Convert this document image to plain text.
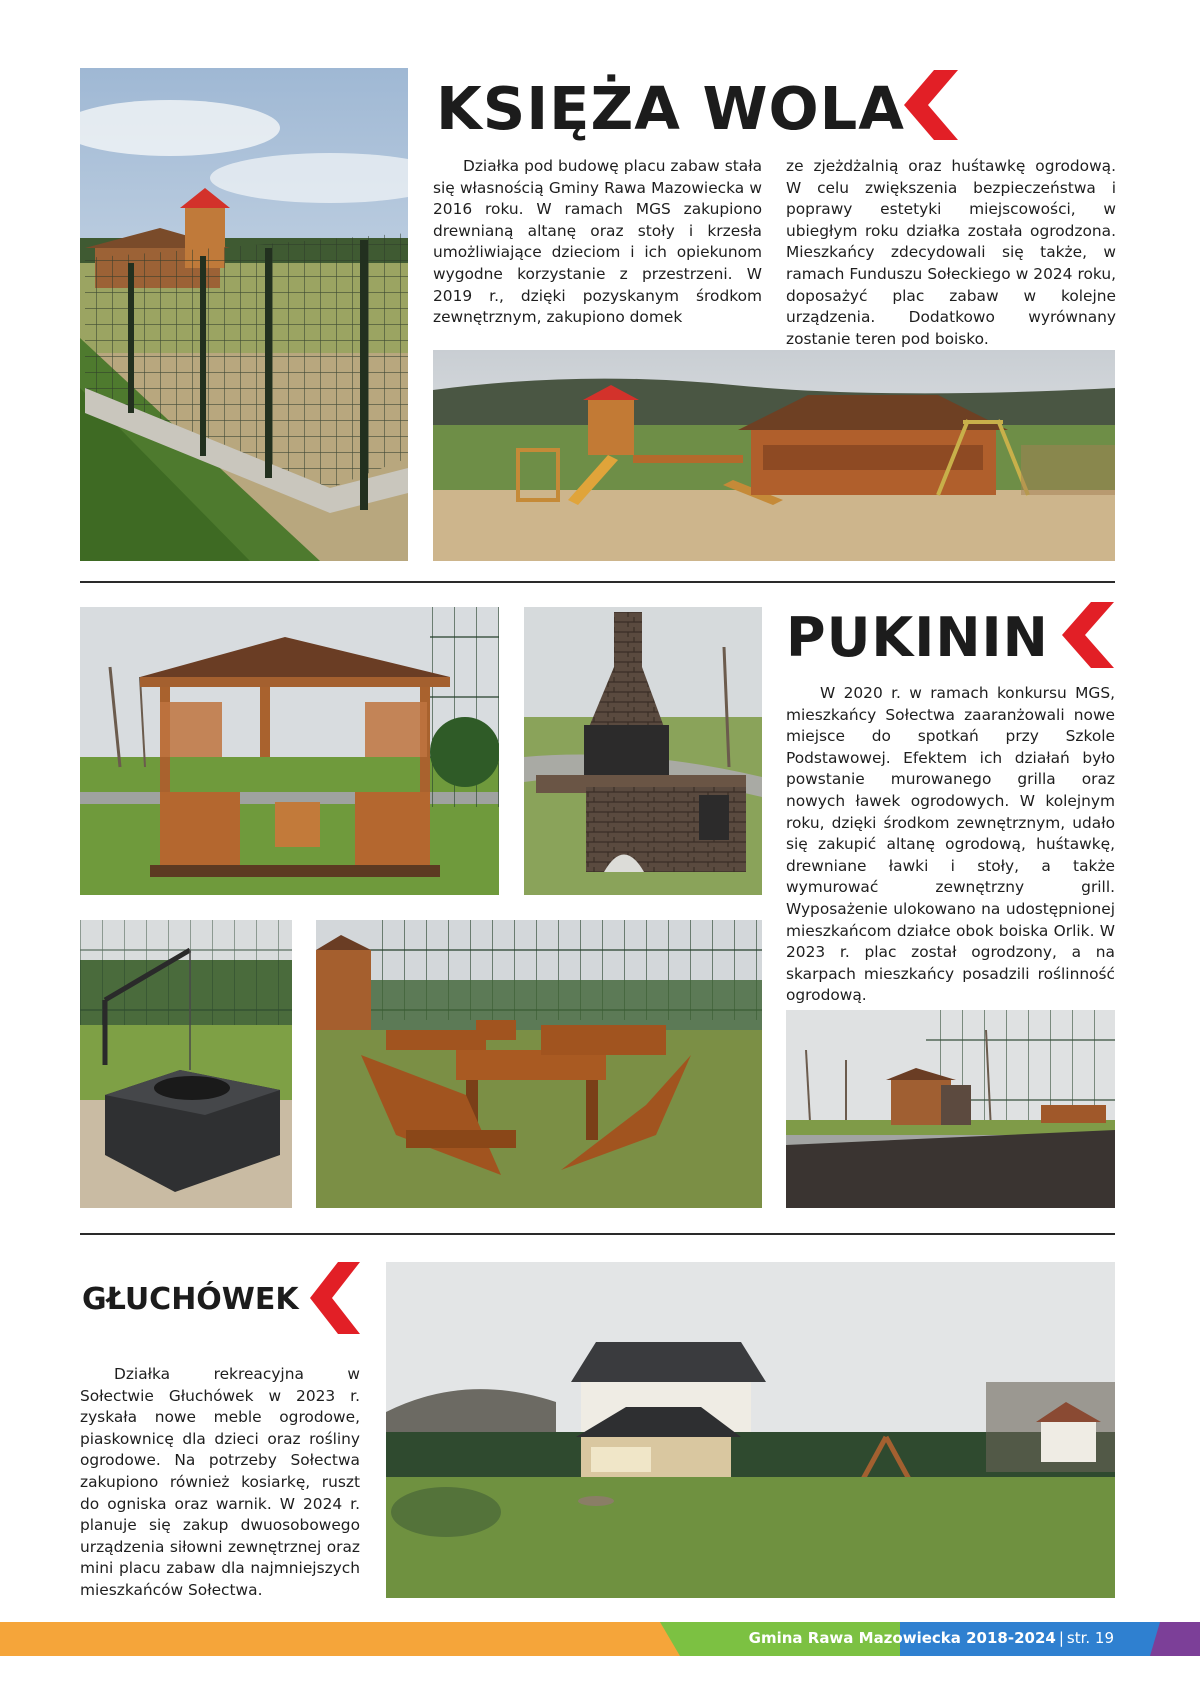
KSIĘŻA WOLA

Działka pod budowę placu zabaw stała się własnością Gminy Rawa Mazowiecka w 2016 roku. W ramach MGS zakupiono drewnianą altanę oraz stoły i krzesła umożliwiające dzieciom i ich opiekunom wygodne korzystanie z przestrzeni. W 2019 r., dzięki pozyskanym środkom zewnętrznym, zakupiono domek

ze zjeżdżalnią oraz huśtawkę ogrodową. W celu zwiększenia bezpieczeństwa i poprawy estetyki miejscowości, w ubiegłym roku działka została ogrodzona. Mieszkańcy zdecydowali się także, w ramach Funduszu Sołeckiego w 2024 roku, doposażyć plac zabaw w kolejne urządzenia. Dodatkowo wyrównany zostanie teren pod boisko.

PUKININ

W 2020 r. w ramach konkursu MGS, mieszkańcy Sołectwa zaaranżowali nowe miejsce do spotkań przy Szkole Podstawowej. Efektem ich działań było powstanie murowanego grilla oraz nowych ławek ogrodowych. W kolejnym roku, dzięki środkom zewnętrznym, udało się zakupić altanę ogrodową, huśtawkę, drewniane ławki i stoły, a także wymurować zewnętrzny grill. Wyposażenie ulokowano na udostępnionej mieszkańcom działce obok boiska Orlik. W 2023 r. plac został ogrodzony, a na skarpach mieszkańcy posadzili roślinność ogrodową.

GŁUCHÓWEK

Działka rekreacyjna w Sołectwie Głuchówek w 2023 r. zyskała nowe meble ogrodowe, piaskownicę dla dzieci oraz rośliny ogrodowe. Na potrzeby Sołectwa zakupiono również kosiarkę, ruszt do ogniska oraz warnik. W 2024 r. planuje się zakup dwuosobowego urządzenia siłowni zewnętrznej oraz mini placu zabaw dla najmniejszych mieszkańców Sołectwa.

Gmina Rawa Mazowiecka 2018-2024 | str. 19
